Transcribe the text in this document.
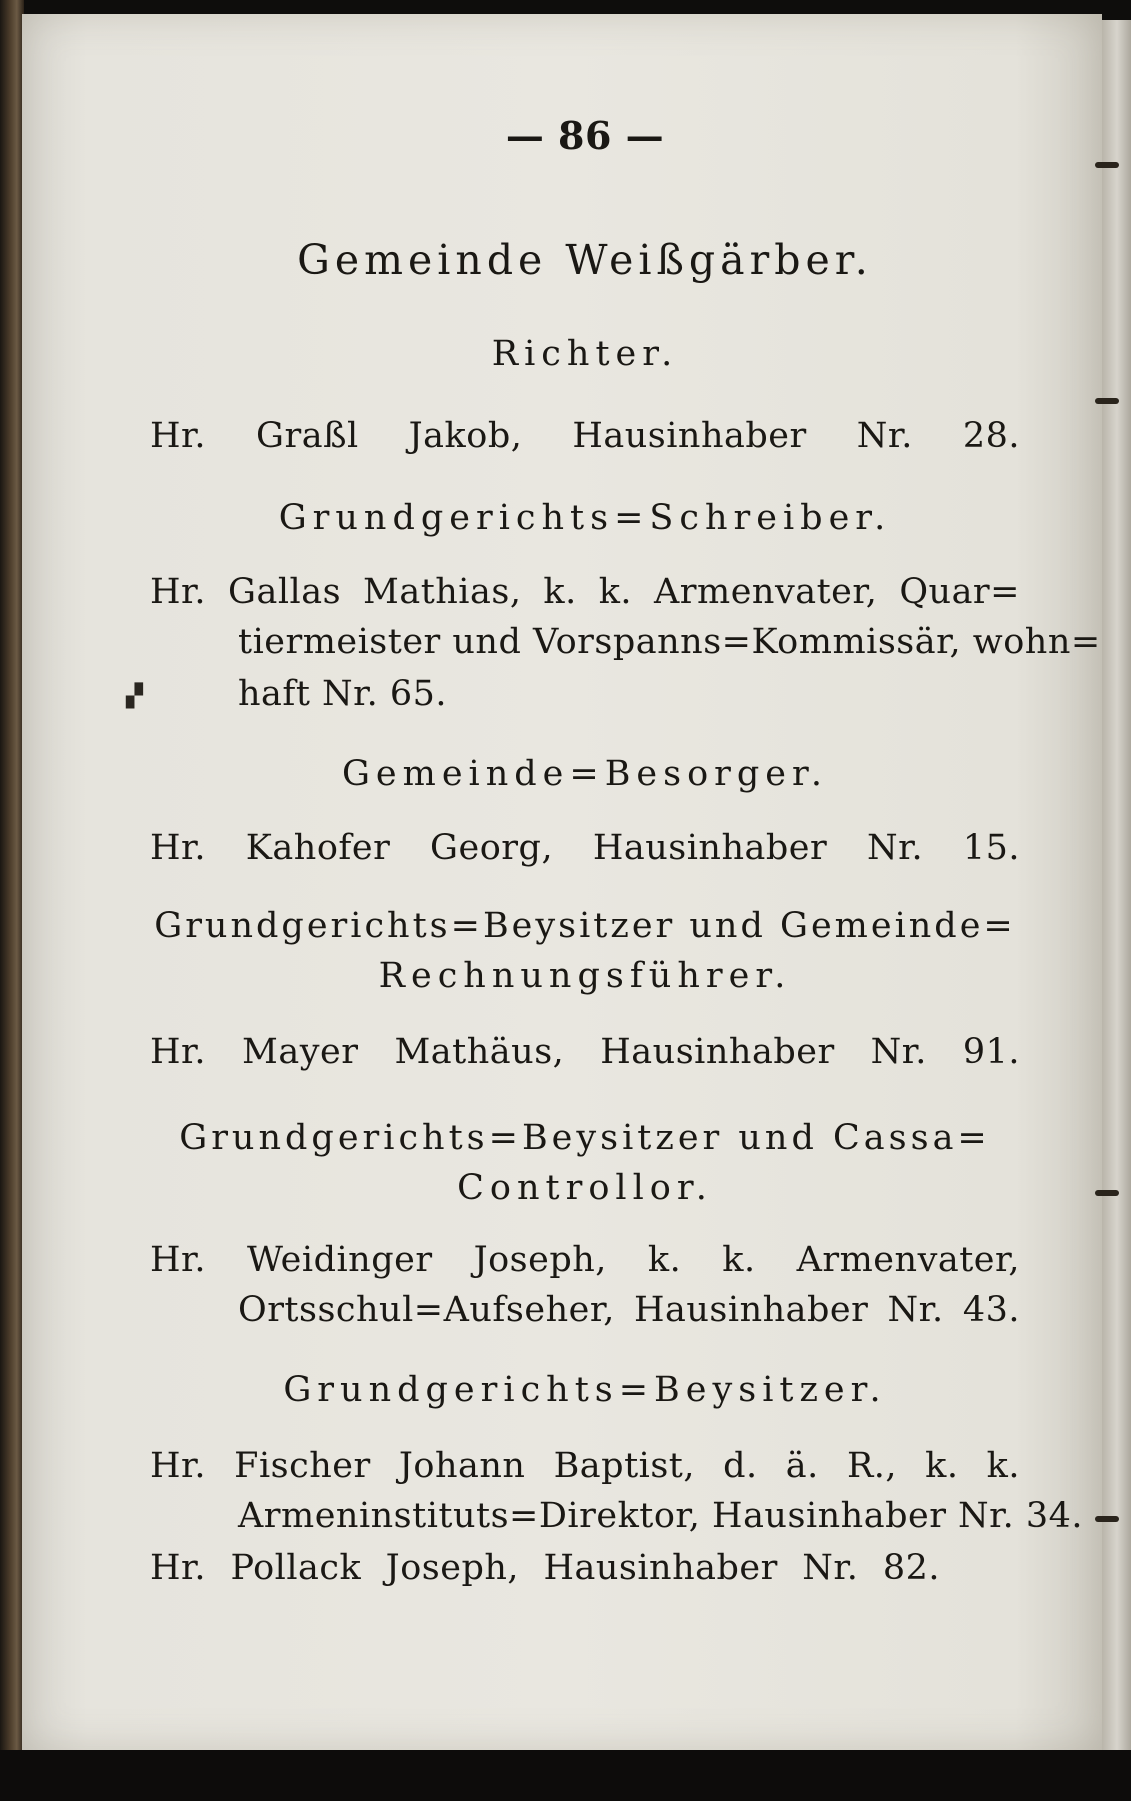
▞
— 86 —
Gemeinde Weißgärber.
Richter.
Hr. Graßl Jakob, Hausinhaber Nr. 28.
Grundgerichts=Schreiber.
Hr. Gallas Mathias, k. k. Armenvater, Quar=
tiermeister und Vorspanns=Kommissär, wohn=
haft Nr. 65.
Gemeinde=Besorger.
Hr. Kahofer Georg, Hausinhaber Nr. 15.
Grundgerichts=Beysitzer und Gemeinde=
Rechnungsführer.
Hr. Mayer Mathäus, Hausinhaber Nr. 91.
Grundgerichts=Beysitzer und Cassa=
Controllor.
Hr. Weidinger Joseph, k. k. Armenvater,
Ortsschul=Aufseher, Hausinhaber Nr. 43.
Grundgerichts=Beysitzer.
Hr. Fischer Johann Baptist, d. ä. R., k. k.
Armeninstituts=Direktor, Hausinhaber Nr. 34.
Hr. Pollack Joseph, Hausinhaber Nr. 82.
